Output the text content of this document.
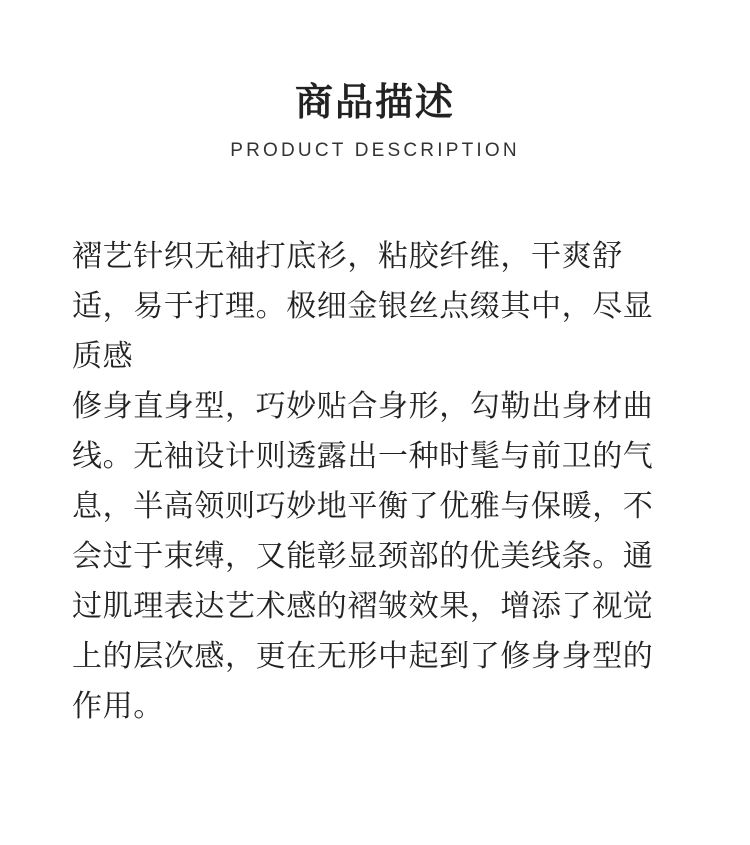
商品描述
PRODUCT DESCRIPTION

褶艺针织无袖打底衫，粘胶纤维，干爽舒适，易于打理。极细金银丝点缀其中，尽显质感

修身直身型，巧妙贴合身形，勾勒出身材曲线。无袖设计则透露出一种时髦与前卫的气息，半高领则巧妙地平衡了优雅与保暖，不会过于束缚，又能彰显颈部的优美线条。通过肌理表达艺术感的褶皱效果，增添了视觉上的层次感，更在无形中起到了修身身型的作用。
